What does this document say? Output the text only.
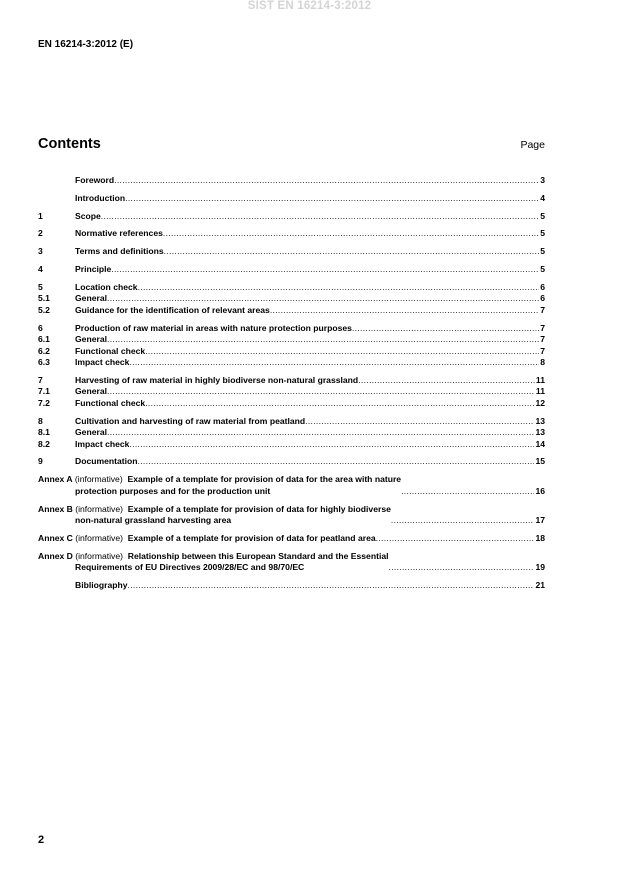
SIST EN 16214-3:2012
EN 16214-3:2012 (E)
Contents	Page
Foreword .....	3
Introduction .....	4
1	Scope .....	5
2	Normative references .....	5
3	Terms and definitions .....	5
4	Principle .....	5
5	Location check .....	6
5.1	General .....	6
5.2	Guidance for the identification of relevant areas .....	7
6	Production of raw material in areas with nature protection purposes .....	7
6.1	General .....	7
6.2	Functional check .....	7
6.3	Impact check .....	8
7	Harvesting of raw material in highly biodiverse non-natural grassland .....	11
7.1	General .....	11
7.2	Functional check .....	12
8	Cultivation and harvesting of raw material from peatland .....	13
8.1	General .....	13
8.2	Impact check .....	14
9	Documentation .....	15
Annex A (informative)  Example of a template for provision of data for the area with nature
protection purposes and for the production unit .....	16
Annex B (informative)  Example of a template for provision of data for highly biodiverse
non-natural grassland harvesting area .....	17
Annex C (informative)  Example of a template for provision of data for peatland area .....	18
Annex D (informative)  Relationship between this European Standard and the Essential
Requirements of EU Directives 2009/28/EC and 98/70/EC .....	19
Bibliography .....	21
2
